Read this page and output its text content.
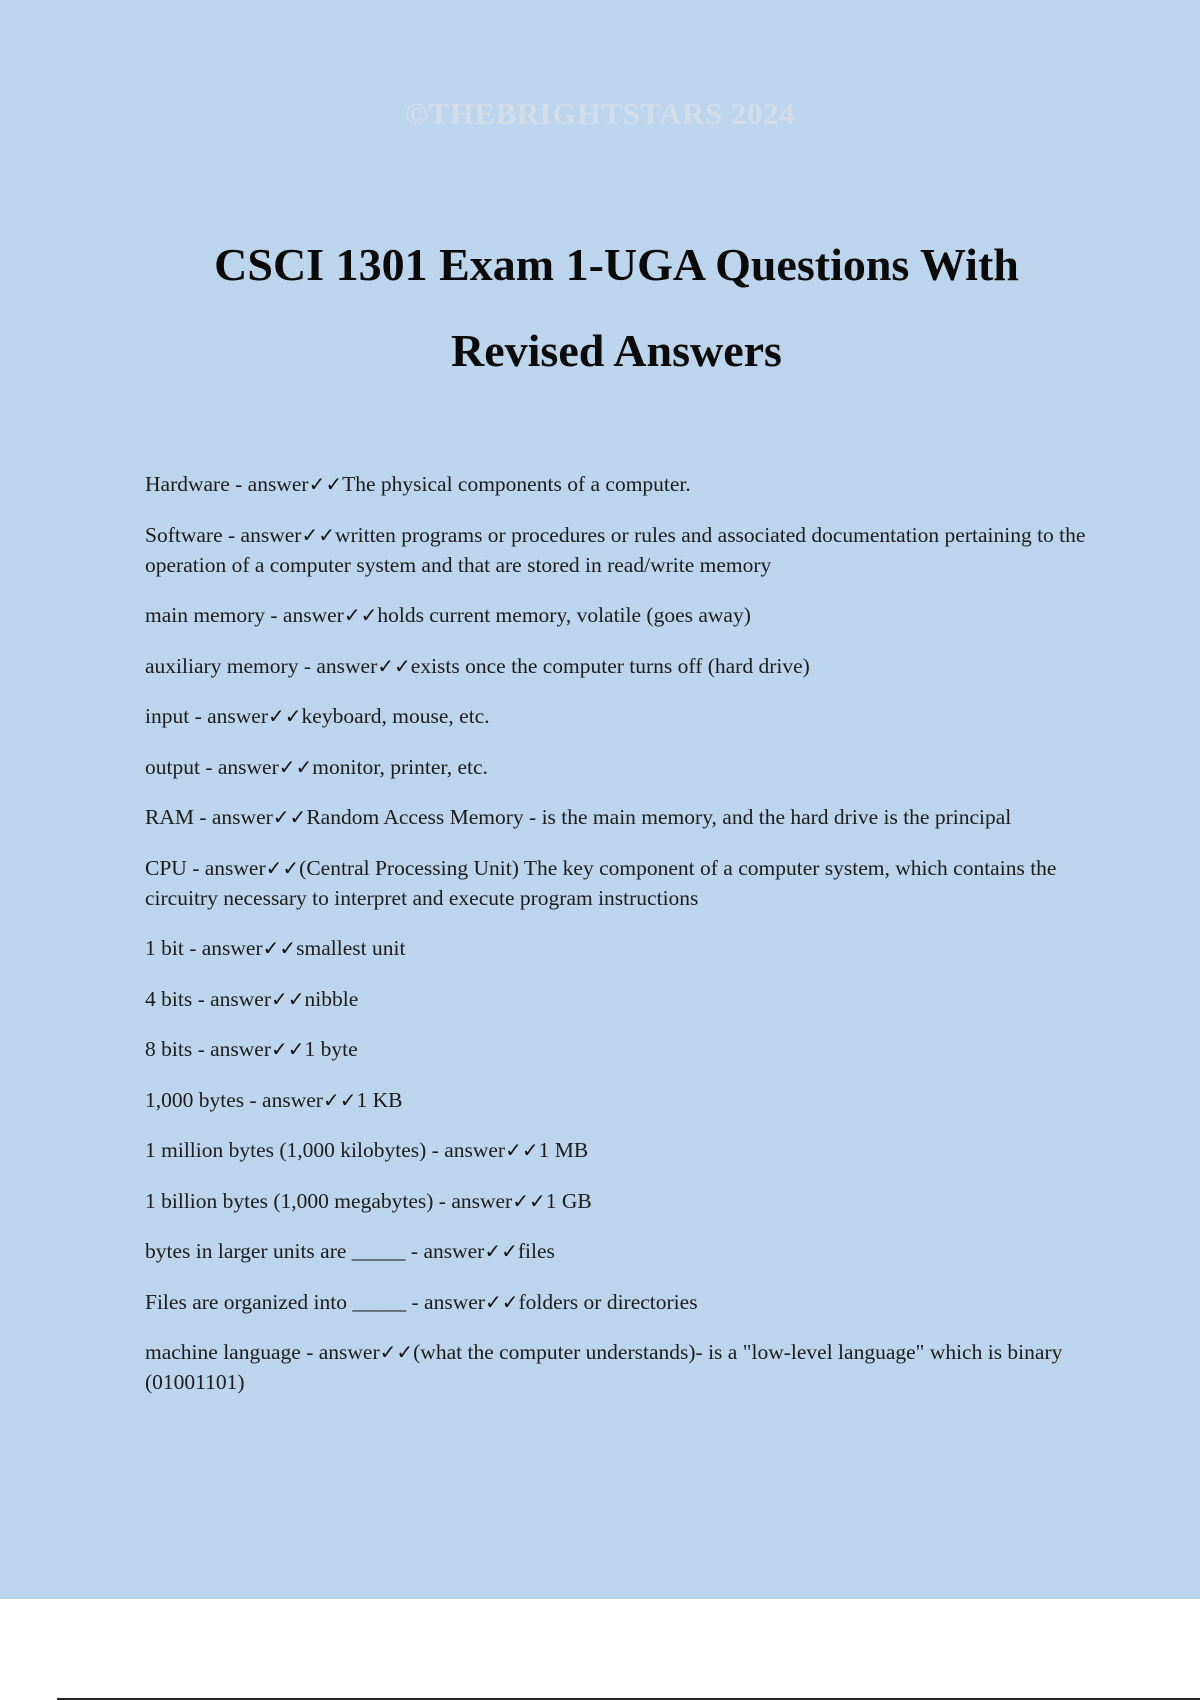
©THEBRIGHTSTARS 2024
CSCI 1301 Exam 1-UGA Questions With Revised Answers
Hardware - answer✓✓The physical components of a computer.
Software - answer✓✓written programs or procedures or rules and associated documentation pertaining to the operation of a computer system and that are stored in read/write memory
main memory - answer✓✓holds current memory, volatile (goes away)
auxiliary memory - answer✓✓exists once the computer turns off (hard drive)
input - answer✓✓keyboard, mouse, etc.
output - answer✓✓monitor, printer, etc.
RAM - answer✓✓Random Access Memory - is the main memory, and the hard drive is the principal
CPU - answer✓✓(Central Processing Unit) The key component of a computer system, which contains the circuitry necessary to interpret and execute program instructions
1 bit - answer✓✓smallest unit
4 bits - answer✓✓nibble
8 bits - answer✓✓1 byte
1,000 bytes - answer✓✓1 KB
1 million bytes (1,000 kilobytes) - answer✓✓1 MB
1 billion bytes (1,000 megabytes) - answer✓✓1 GB
bytes in larger units are _____ - answer✓✓files
Files are organized into _____ - answer✓✓folders or directories
machine language - answer✓✓(what the computer understands)- is a "low-level language" which is binary (01001101)
